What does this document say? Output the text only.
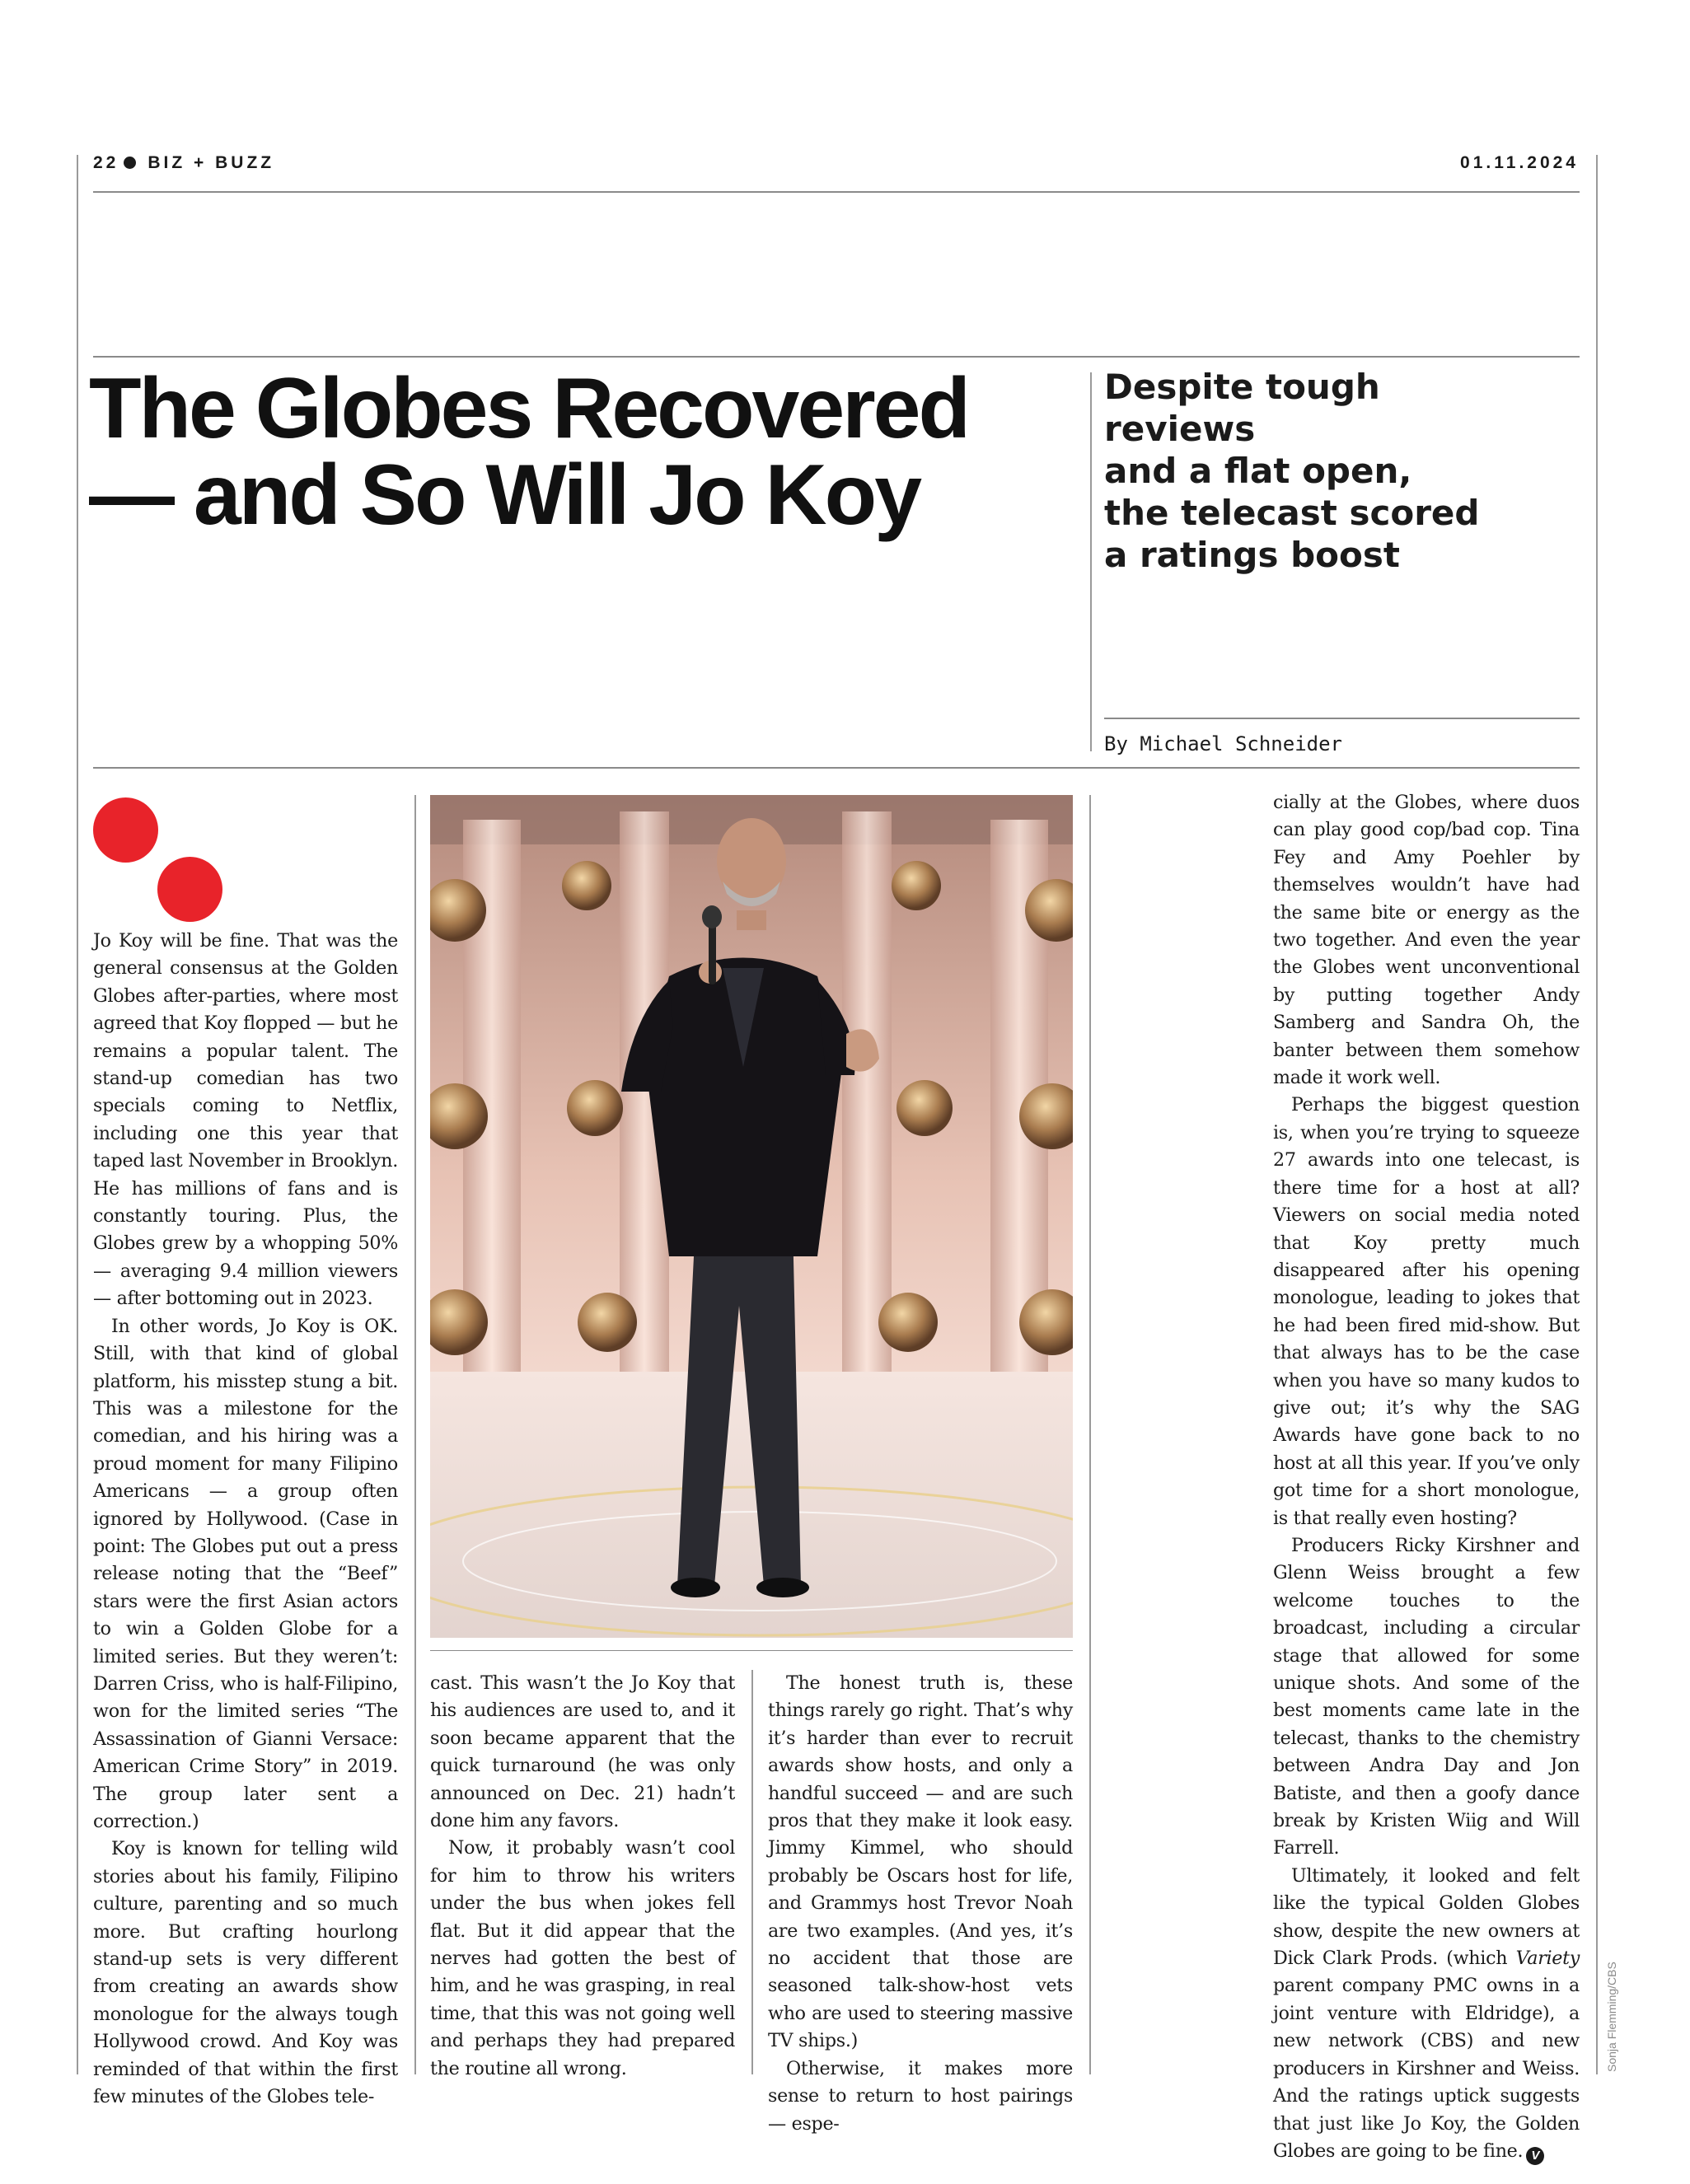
22 BIZ + BUZZ	01.11.2024
The Globes Recovered
— and So Will Jo Koy
Despite tough reviews
and a flat open,
the telecast scored
a ratings boost
By Michael Schneider
Sonja Flemming/CBS

Jo Koy will be fine. That was the general consensus at the Golden Globes after-parties, where most agreed that Koy flopped — but he remains a popular talent. The stand-up comedian has two specials coming to Netflix, including one this year that taped last November in Brooklyn. He has millions of fans and is constantly touring. Plus, the Globes grew by a whopping 50% — averaging 9.4 million viewers — after bottoming out in 2023.

In other words, Jo Koy is OK. Still, with that kind of global platform, his misstep stung a bit. This was a milestone for the comedian, and his hiring was a proud moment for many Filipino Americans — a group often ignored by Hollywood. (Case in point: The Globes put out a press release noting that the “Beef” stars were the first Asian actors to win a Golden Globe for a limited series. But they weren’t: Darren Criss, who is half-Filipino, won for the limited series “The Assassination of Gianni Versace: American Crime Story” in 2019. The group later sent a correction.)

Koy is known for telling wild stories about his family, Filipino culture, parenting and so much more. But crafting hourlong stand-up sets is very different from creating an awards show monologue for the always tough Hollywood crowd. And Koy was reminded of that within the first few minutes of the Globes tele-

cast. This wasn’t the Jo Koy that his audiences are used to, and it soon became apparent that the quick turnaround (he was only announced on Dec. 21) hadn’t done him any favors.

Now, it probably wasn’t cool for him to throw his writers under the bus when jokes fell flat. But it did appear that the nerves had gotten the best of him, and he was grasping, in real time, that this was not going well and perhaps they had prepared the routine all wrong.

The honest truth is, these things rarely go right. That’s why it’s harder than ever to recruit awards show hosts, and only a handful succeed — and are such pros that they make it look easy. Jimmy Kimmel, who should probably be Oscars host for life, and Grammys host Trevor Noah are two examples. (And yes, it’s no accident that those are seasoned talk-show-host vets who are used to steering massive TV ships.)

Otherwise, it makes more sense to return to host pairings — espe-

cially at the Globes, where duos can play good cop/bad cop. Tina Fey and Amy Poehler by themselves wouldn’t have had the same bite or energy as the two together. And even the year the Globes went unconventional by putting together Andy Samberg and Sandra Oh, the banter between them somehow made it work well.

Perhaps the biggest question is, when you’re trying to squeeze 27 awards into one telecast, is there time for a host at all? Viewers on social media noted that Koy pretty much disappeared after his opening monologue, leading to jokes that he had been fired mid-show. But that always has to be the case when you have so many kudos to give out; it’s why the SAG Awards have gone back to no host at all this year. If you’ve only got time for a short monologue, is that really even hosting?

Producers Ricky Kirshner and Glenn Weiss brought a few welcome touches to the broadcast, including a circular stage that allowed for some unique shots. And some of the best moments came late in the telecast, thanks to the chemistry between Andra Day and Jon Batiste, and then a goofy dance break by Kristen Wiig and Will Farrell.

Ultimately, it looked and felt like the typical Golden Globes show, despite the new owners at Dick Clark Prods. (which Variety parent company PMC owns in a joint venture with Eldridge), a new network (CBS) and new producers in Kirshner and Weiss. And the ratings uptick suggests that just like Jo Koy, the Golden Globes are going to be fine. V
